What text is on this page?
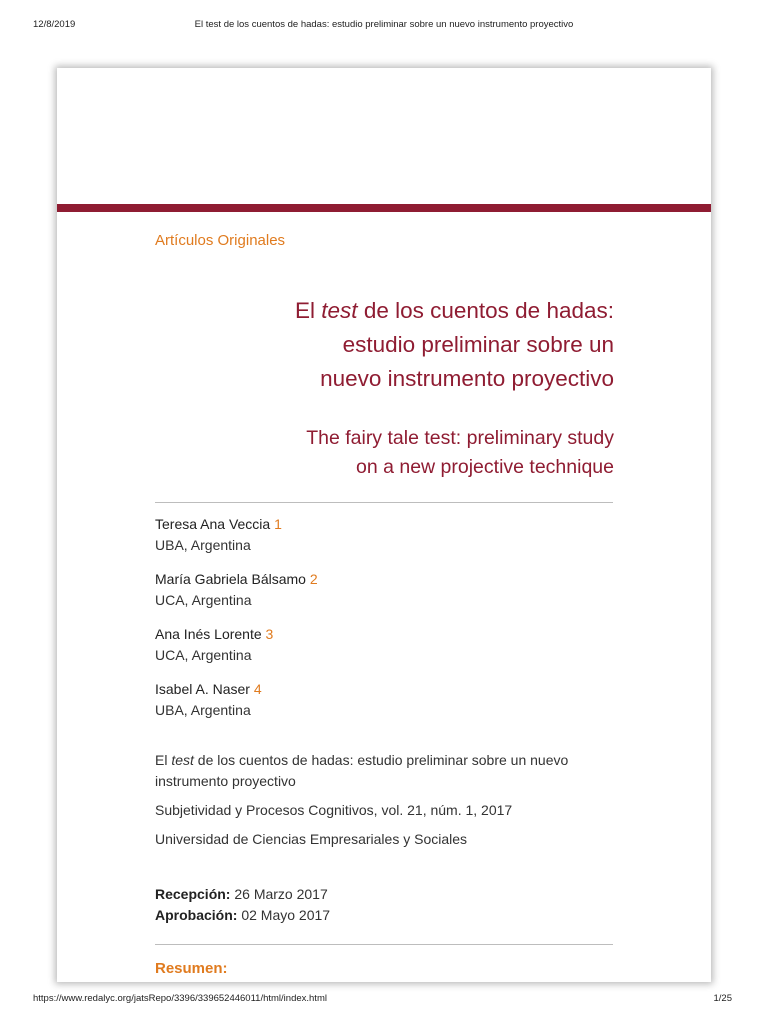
12/8/2019	El test de los cuentos de hadas: estudio preliminar sobre un nuevo instrumento proyectivo
Artículos Originales
El test de los cuentos de hadas:
estudio preliminar sobre un
nuevo instrumento proyectivo
The fairy tale test: preliminary study
on a new projective technique
Teresa Ana Veccia 1
UBA, Argentina
María Gabriela Bálsamo 2
UCA, Argentina
Ana Inés Lorente 3
UCA, Argentina
Isabel A. Naser 4
UBA, Argentina

El test de los cuentos de hadas: estudio preliminar sobre un nuevo instrumento proyectivo

Subjetividad y Procesos Cognitivos, vol. 21, núm. 1, 2017

Universidad de Ciencias Empresariales y Sociales

Recepción: 26 Marzo 2017
Aprobación: 02 Mayo 2017
Resumen:
https://www.redalyc.org/jatsRepo/3396/339652446011/html/index.html	1/25
